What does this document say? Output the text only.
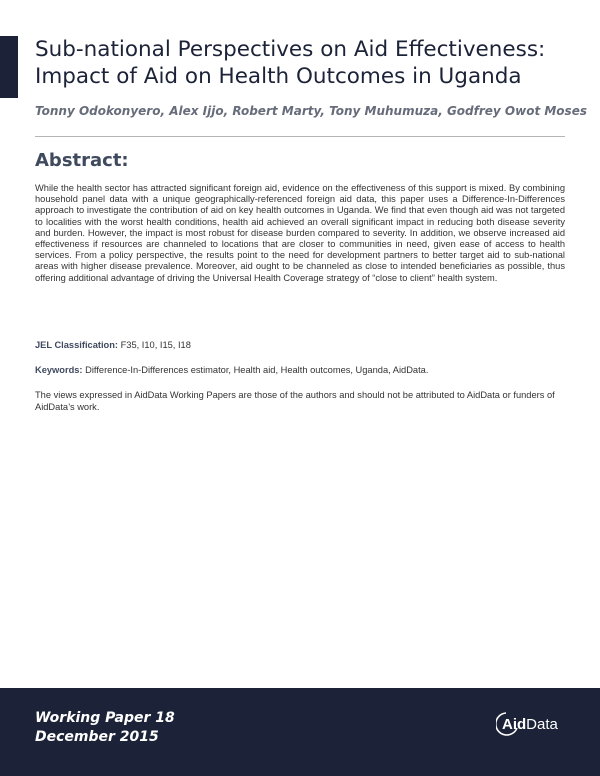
Sub-national Perspectives on Aid Effectiveness:
Impact of Aid on Health Outcomes in Uganda
Tonny Odokonyero, Alex Ijjo, Robert Marty, Tony Muhumuza, Godfrey Owot Moses
Abstract:

While the health sector has attracted significant foreign aid, evidence on the effectiveness of this support is mixed. By combining household panel data with a unique geographically-referenced foreign aid data, this paper uses a Difference-In-Differences approach to investigate the contribution of aid on key health outcomes in Uganda. We find that even though aid was not targeted to localities with the worst health conditions, health aid achieved an overall significant impact in reducing both disease severity and burden. However, the impact is most robust for disease burden compared to severity. In addition, we observe increased aid effectiveness if resources are channeled to locations that are closer to communities in need, given ease of access to health services. From a policy perspective, the results point to the need for development partners to better target aid to sub-national areas with higher disease prevalence. Moreover, aid ought to be channeled as close to intended beneficiaries as possible, thus offering additional advantage of driving the Universal Health Coverage strategy of “close to client” health system.

JEL Classification: F35, I10, I15, I18

Keywords: Difference-In-Differences estimator, Health aid, Health outcomes, Uganda, AidData.

The views expressed in AidData Working Papers are those of the authors and should not be attributed to AidData or funders of AidData’s work.

Working Paper 18
December 2015
AidData
